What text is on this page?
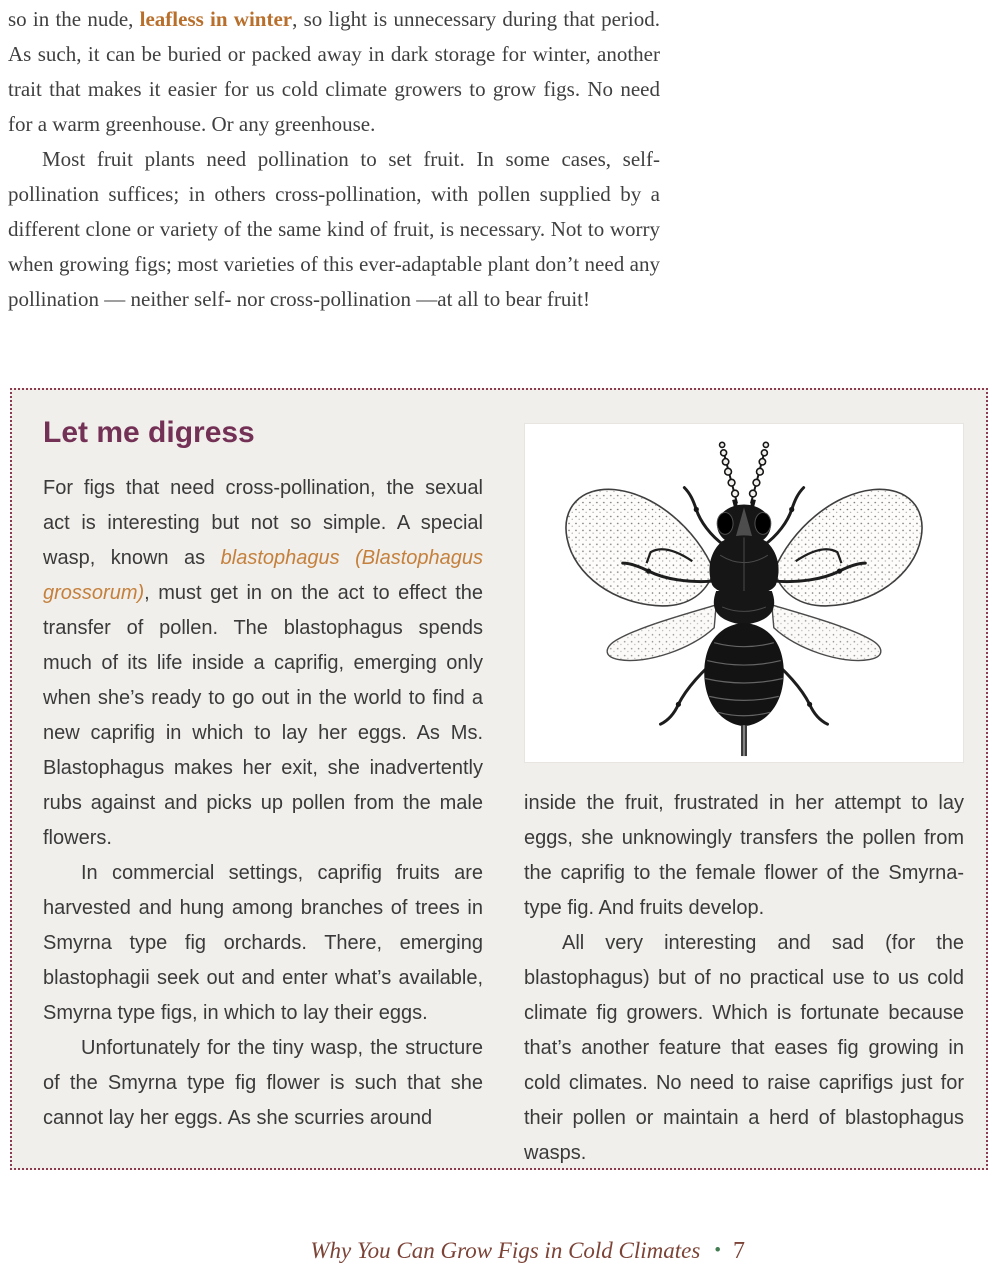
so in the nude, leafless in winter, so light is unnecessary during that period. As such, it can be buried or packed away in dark storage for winter, another trait that makes it easier for us cold climate growers to grow figs. No need for a warm greenhouse. Or any greenhouse.

Most fruit plants need pollination to set fruit. In some cases, self-pollination suffices; in others cross-pollination, with pollen supplied by a different clone or variety of the same kind of fruit, is necessary. Not to worry when growing figs; most varieties of this ever-adaptable plant don’t need any pollination — neither self- nor cross-pollination —at all to bear fruit!

Let me digress

For figs that need cross-pollination, the sexual act is interesting but not so simple. A special wasp, known as blastophagus (Blastophagus grossorum), must get in on the act to effect the transfer of pollen. The blastophagus spends much of its life inside a caprifig, emerging only when she’s ready to go out in the world to find a new caprifig in which to lay her eggs. As Ms. Blastophagus makes her exit, she inadvertently rubs against and picks up pollen from the male flowers.

In commercial settings, caprifig fruits are harvested and hung among branches of trees in Smyrna type fig orchards. There, emerging blastophagii seek out and enter what’s available, Smyrna type figs, in which to lay their eggs.

Unfortunately for the tiny wasp, the structure of the Smyrna type fig flower is such that she cannot lay her eggs. As she scurries around

inside the fruit, frustrated in her attempt to lay eggs, she unknowingly transfers the pollen from the caprifig to the female flower of the Smyrna-type fig. And fruits develop.

All very interesting and sad (for the blastophagus) but of no practical use to us cold climate fig growers. Which is fortunate because that’s another feature that eases fig growing in cold climates. No need to raise caprifigs just for their pollen or maintain a herd of blastophagus wasps.

Why You Can Grow Figs in Cold Climates • 7
